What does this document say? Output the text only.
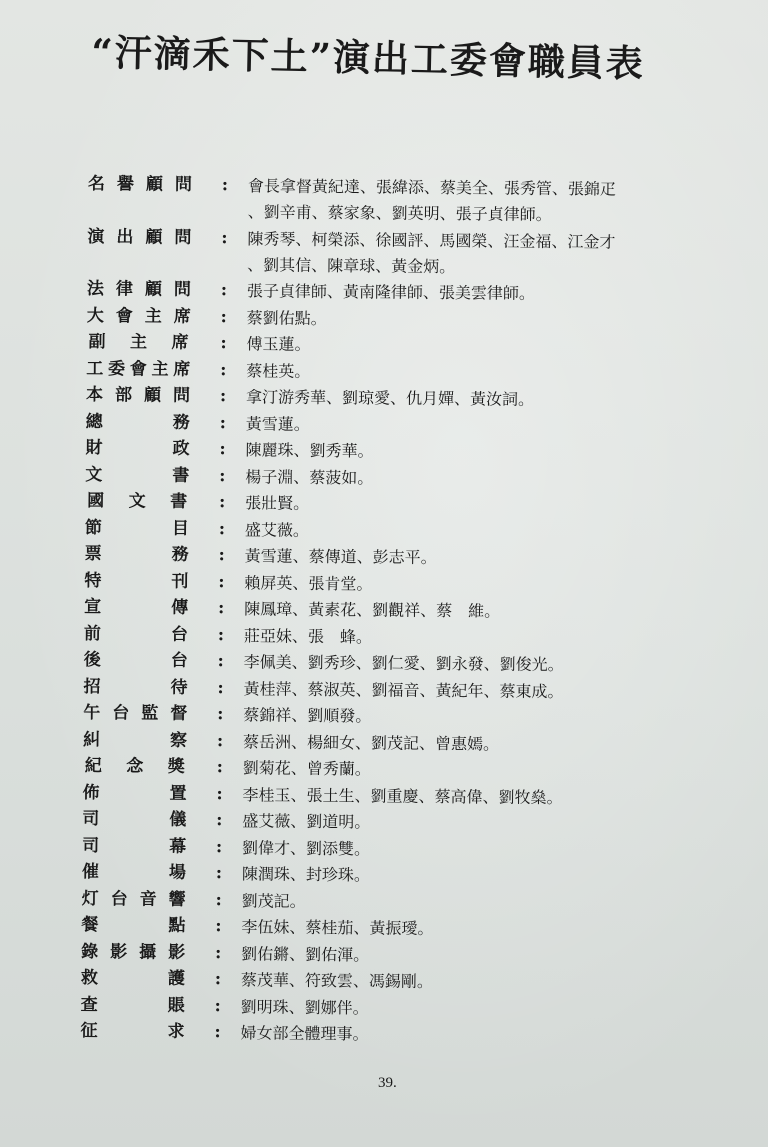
“汗滴禾下土”演出工委會職員表
名 譽 顧 問	:	會長拿督黃紀達、張緯添、蔡美全、張秀管、張錦疋
、劉辛甫、蔡家象、劉英明、張子貞律師。
演 出 顧 問	:	陳秀琴、柯榮添、徐國評、馬國榮、汪金福、江金才
、劉其信、陳章球、黃金炳。
法 律 顧 問	:	張子貞律師、黃南隆律師、張美雲律師。
大 會 主 席	:	蔡劉佑點。
副 主 席	:	傅玉蓮。
工 委 會 主 席	:	蔡桂英。
本 部 顧 問	:	拿汀游秀華、劉琼愛、仇月嬋、黃汝詞。
總	務	:	黃雪蓮。
財	政	:	陳麗珠、劉秀華。
文	書	:	楊子淵、蔡菠如。
國 文 書	:	張壯賢。
節	目	:	盛艾薇。
票	務	:	黃雪蓮、蔡傳道、彭志平。
特	刊	:	賴屏英、張肯堂。
宣	傳	:	陳鳳璋、黃素花、劉觀祥、蔡　維。
前	台	:	莊亞妹、張　蜂。
後	台	:	李佩美、劉秀珍、劉仁愛、劉永發、劉俊光。
招	待	:	黃桂萍、蔡淑英、劉福音、黃紀年、蔡東成。
午 台 監 督	:	蔡錦祥、劉順發。
糾	察	:	蔡岳洲、楊細女、劉茂記、曾惠嫣。
紀 念 獎	:	劉菊花、曾秀蘭。
佈	置	:	李桂玉、張土生、劉重慶、蔡高偉、劉牧燊。
司	儀	:	盛艾薇、劉道明。
司	幕	:	劉偉才、劉添雙。
催	場	:	陳潤珠、封珍珠。
灯 台 音 響	:	劉茂記。
餐	點	:	李伍妹、蔡桂茄、黃振璦。
錄 影 攝 影	:	劉佑鏘、劉佑渾。
救	護	:	蔡茂華、符致雲、馮錫剛。
查	賬	:	劉明珠、劉娜伴。
征	求	:	婦女部全體理事。
39.
